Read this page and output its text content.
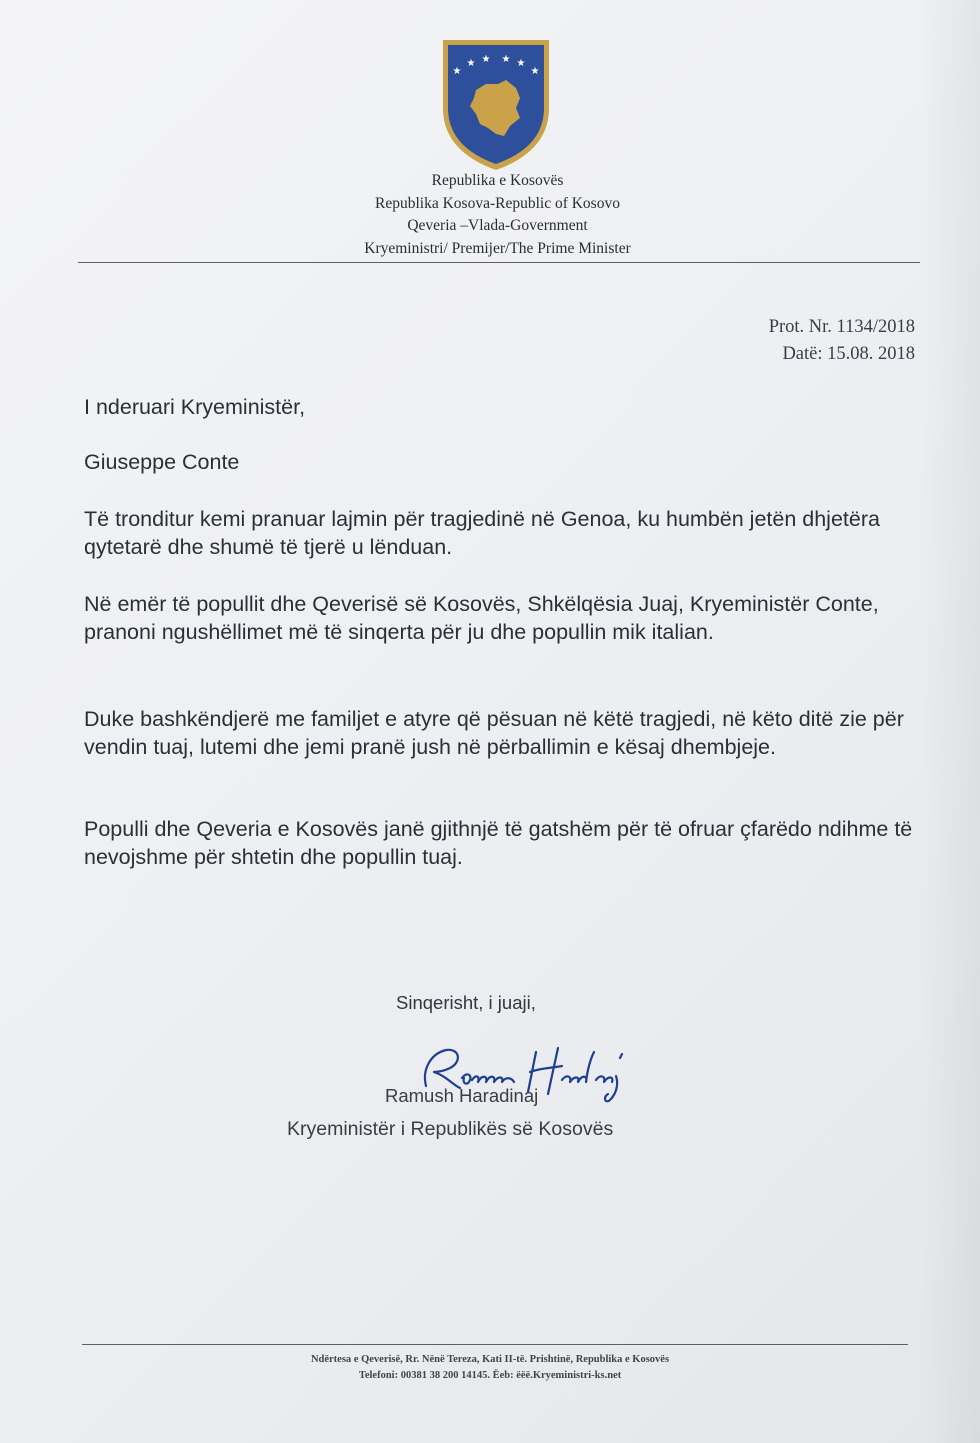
★
★ ★ ★ ★
★
Republika e Kosovës
Republika Kosova-Republic of Kosovo
Qeveria –Vlada-Government
Kryeministri/ Premijer/The Prime Minister
Prot. Nr. 1134/2018
Datë: 15.08. 2018
I nderuari Kryeministër,
Giuseppe Conte

Të tronditur kemi pranuar lajmin për tragjedinë në Genoa, ku humbën jetën dhjetëra qytetarë dhe shumë të tjerë u lënduan.

Në emër të popullit dhe Qeverisë së Kosovës, Shkëlqësia Juaj, Kryeministër Conte, pranoni ngushëllimet më të sinqerta për ju dhe popullin mik italian.

Duke bashkëndjerë me familjet e atyre që pësuan në këtë tragjedi, në këto ditë zie për vendin tuaj, lutemi dhe jemi pranë jush në përballimin e kësaj dhembjeje.

Populli dhe Qeveria e Kosovës janë gjithnjë të gatshëm për të ofruar çfarëdo ndihme të nevojshme për shtetin dhe popullin tuaj.

Sinqerisht, i juaji,
Ramush Haradinaj
Kryeministër i Republikës së Kosovës
Ndërtesa e Qeverisë, Rr. Nënë Tereza, Kati II-të. Prishtinë, Republika e Kosovës
Telefoni: 00381 38 200 14145. Ëeb: ëëë.Kryeministri-ks.net
